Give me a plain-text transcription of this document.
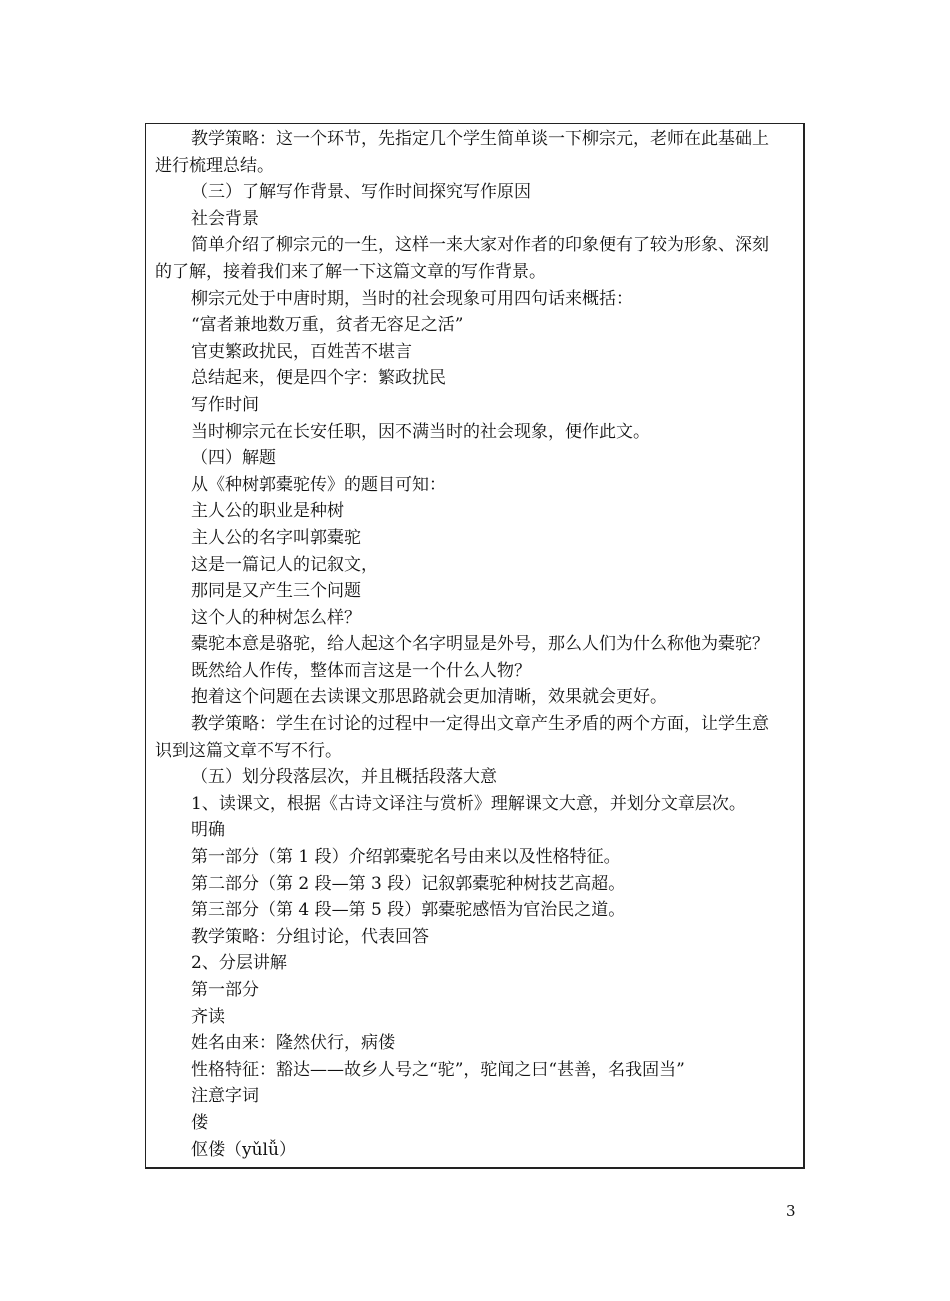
教学策略：这一个环节，先指定几个学生简单谈一下柳宗元，老师在此基础上
进行梳理总结。
（三）了解写作背景、写作时间探究写作原因
社会背景
简单介绍了柳宗元的一生，这样一来大家对作者的印象便有了较为形象、深刻
的了解，接着我们来了解一下这篇文章的写作背景。
柳宗元处于中唐时期，当时的社会现象可用四句话来概括：
“富者兼地数万重，贫者无容足之活”
官吏繁政扰民，百姓苦不堪言
总结起来，便是四个字：繁政扰民
写作时间
当时柳宗元在长安任职，因不满当时的社会现象，便作此文。
（四）解题
从《种树郭橐驼传》的题目可知：
主人公的职业是种树
主人公的名字叫郭橐驼
这是一篇记人的记叙文，
那同是又产生三个问题
这个人的种树怎么样？
橐驼本意是骆驼，给人起这个名字明显是外号，那么人们为什么称他为橐驼？
既然给人作传，整体而言这是一个什么人物？
抱着这个问题在去读课文那思路就会更加清晰，效果就会更好。
教学策略：学生在讨论的过程中一定得出文章产生矛盾的两个方面，让学生意
识到这篇文章不写不行。
（五）划分段落层次，并且概括段落大意
1、读课文，根据《古诗文译注与赏析》理解课文大意，并划分文章层次。
明确
第一部分（第 1 段）介绍郭橐驼名号由来以及性格特征。
第二部分（第 2 段—第 3 段）记叙郭橐驼种树技艺高超。
第三部分（第 4 段—第 5 段）郭橐驼感悟为官治民之道。
教学策略：分组讨论，代表回答
2、分层讲解
第一部分
齐读
姓名由来：隆然伏行，病偻
性格特征：豁达——故乡人号之“驼”，驼闻之曰“甚善，名我固当”
注意字词
偻
伛偻（yǔlǚ）
3
